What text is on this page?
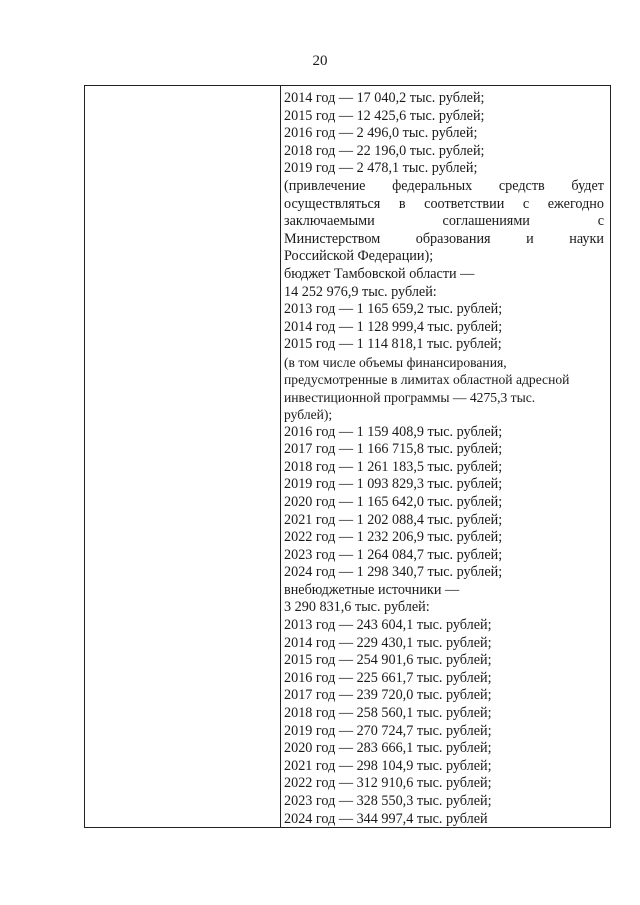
20
2014 год — 17 040,2 тыс. рублей;
2015 год — 12 425,6 тыс. рублей;
2016 год — 2 496,0 тыс. рублей;
2018 год — 22 196,0 тыс. рублей;
2019 год — 2 478,1 тыс. рублей;
(привлечение федеральных средств будет
осуществляться в соответствии с ежегодно
заключаемыми соглашениями с
Министерством образования и науки
Российской Федерации);
бюджет Тамбовской области —
14 252 976,9 тыс. рублей:
2013 год — 1 165 659,2 тыс. рублей;
2014 год — 1 128 999,4 тыс. рублей;
2015 год — 1 114 818,1 тыс. рублей;
(в том числе объемы финансирования,
предусмотренные в лимитах областной адресной
инвестиционной программы — 4275,3 тыс.
рублей);
2016 год — 1 159 408,9 тыс. рублей;
2017 год — 1 166 715,8 тыс. рублей;
2018 год — 1 261 183,5 тыс. рублей;
2019 год — 1 093 829,3 тыс. рублей;
2020 год — 1 165 642,0 тыс. рублей;
2021 год — 1 202 088,4 тыс. рублей;
2022 год — 1 232 206,9 тыс. рублей;
2023 год — 1 264 084,7 тыс. рублей;
2024 год — 1 298 340,7 тыс. рублей;
внебюджетные источники —
3 290 831,6 тыс. рублей:
2013 год — 243 604,1 тыс. рублей;
2014 год — 229 430,1 тыс. рублей;
2015 год — 254 901,6 тыс. рублей;
2016 год — 225 661,7 тыс. рублей;
2017 год — 239 720,0 тыс. рублей;
2018 год — 258 560,1 тыс. рублей;
2019 год — 270 724,7 тыс. рублей;
2020 год — 283 666,1 тыс. рублей;
2021 год — 298 104,9 тыс. рублей;
2022 год — 312 910,6 тыс. рублей;
2023 год — 328 550,3 тыс. рублей;
2024 год — 344 997,4 тыс. рублей
